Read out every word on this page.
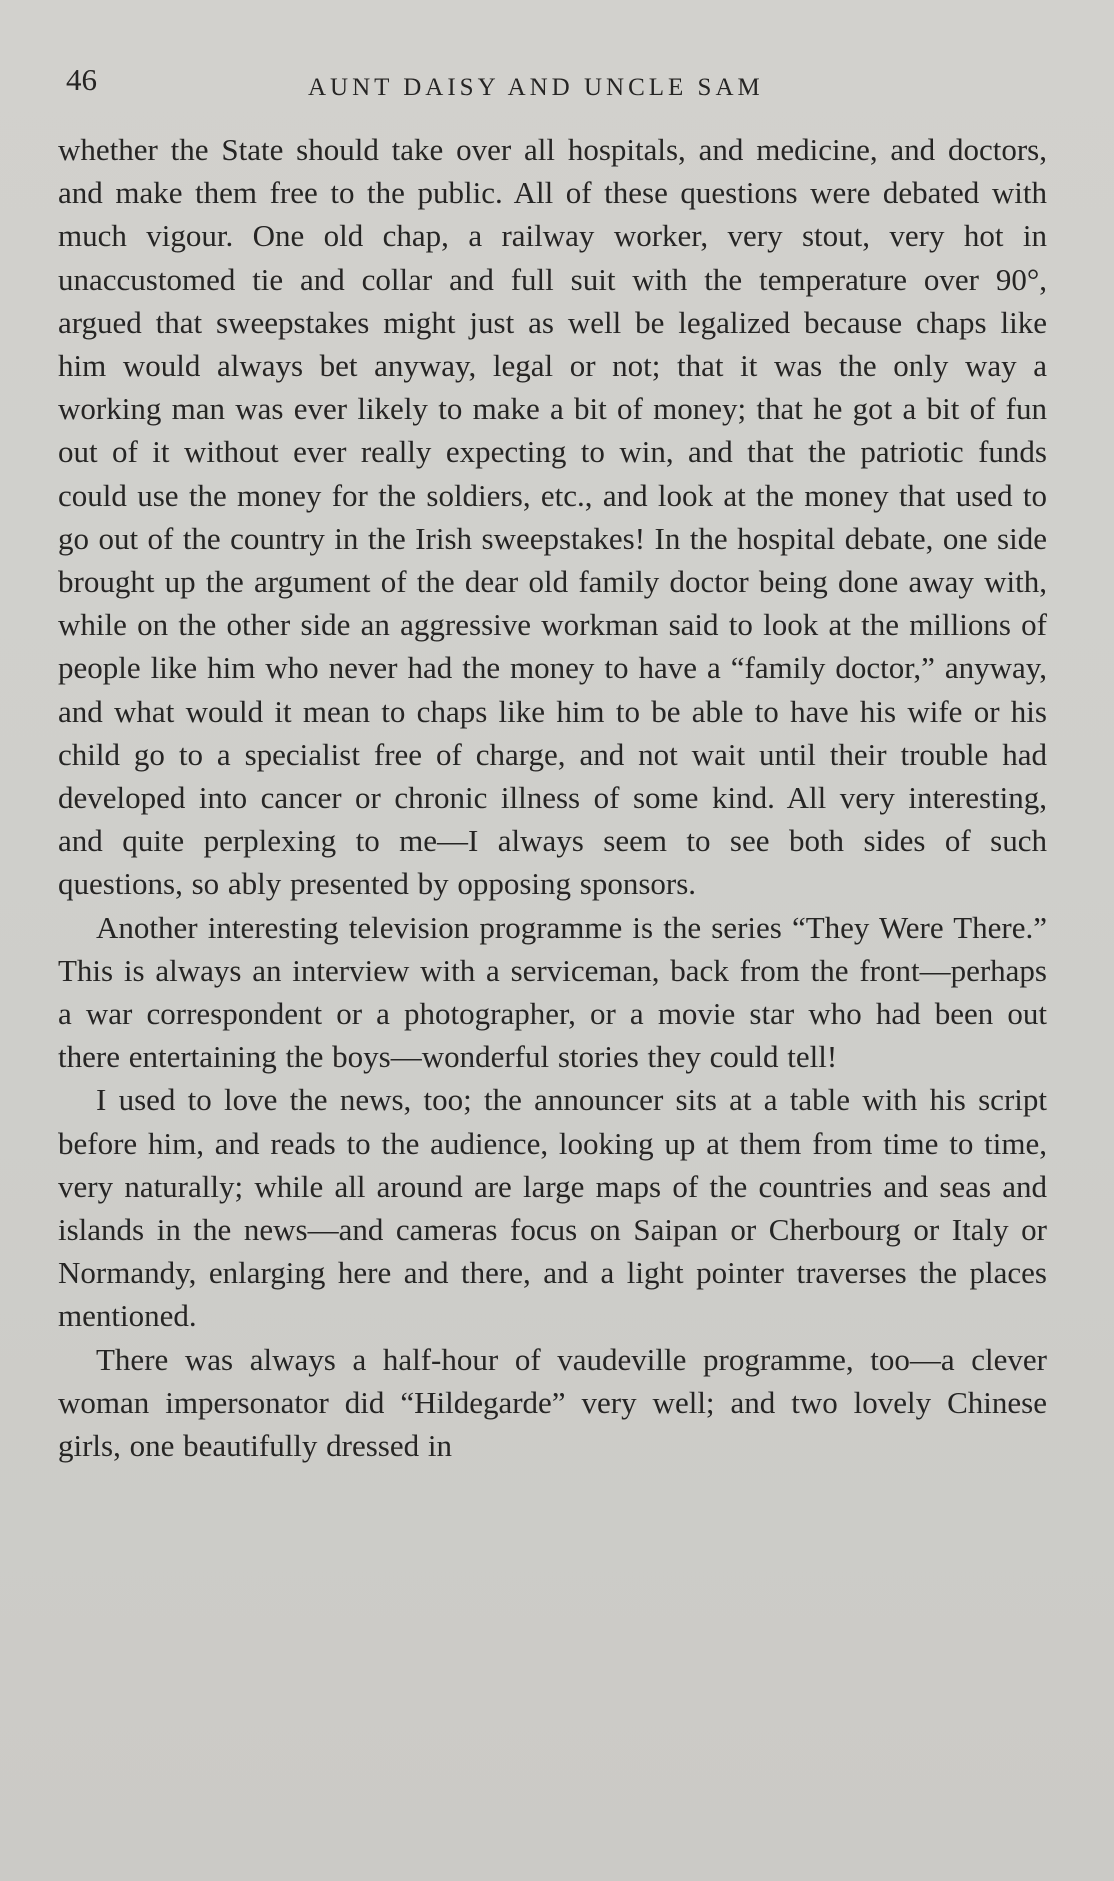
46	AUNT DAISY AND UNCLE SAM

whether the State should take over all hospitals, and medicine, and doctors, and make them free to the public. All of these questions were debated with much vigour. One old chap, a railway worker, very stout, very hot in unaccustomed tie and collar and full suit with the temperature over 90°, argued that sweepstakes might just as well be legalized because chaps like him would always bet anyway, legal or not; that it was the only way a working man was ever likely to make a bit of money; that he got a bit of fun out of it without ever really expecting to win, and that the patriotic funds could use the money for the soldiers, etc., and look at the money that used to go out of the country in the Irish sweepstakes! In the hospital debate, one side brought up the argument of the dear old family doctor being done away with, while on the other side an aggressive workman said to look at the millions of people like him who never had the money to have a “family doctor,” anyway, and what would it mean to chaps like him to be able to have his wife or his child go to a specialist free of charge, and not wait until their trouble had developed into cancer or chronic illness of some kind. All very interesting, and quite perplexing to me—I always seem to see both sides of such questions, so ably presented by opposing sponsors.

Another interesting television programme is the series “They Were There.” This is always an interview with a serviceman, back from the front—perhaps a war correspondent or a photographer, or a movie star who had been out there entertaining the boys—wonderful stories they could tell!

I used to love the news, too; the announcer sits at a table with his script before him, and reads to the audience, looking up at them from time to time, very naturally; while all around are large maps of the countries and seas and islands in the news—and cameras focus on Saipan or Cherbourg or Italy or Normandy, enlarging here and there, and a light pointer traverses the places mentioned.

There was always a half-hour of vaudeville programme, too—a clever woman impersonator did “Hildegarde” very well; and two lovely Chinese girls, one beautifully dressed in
